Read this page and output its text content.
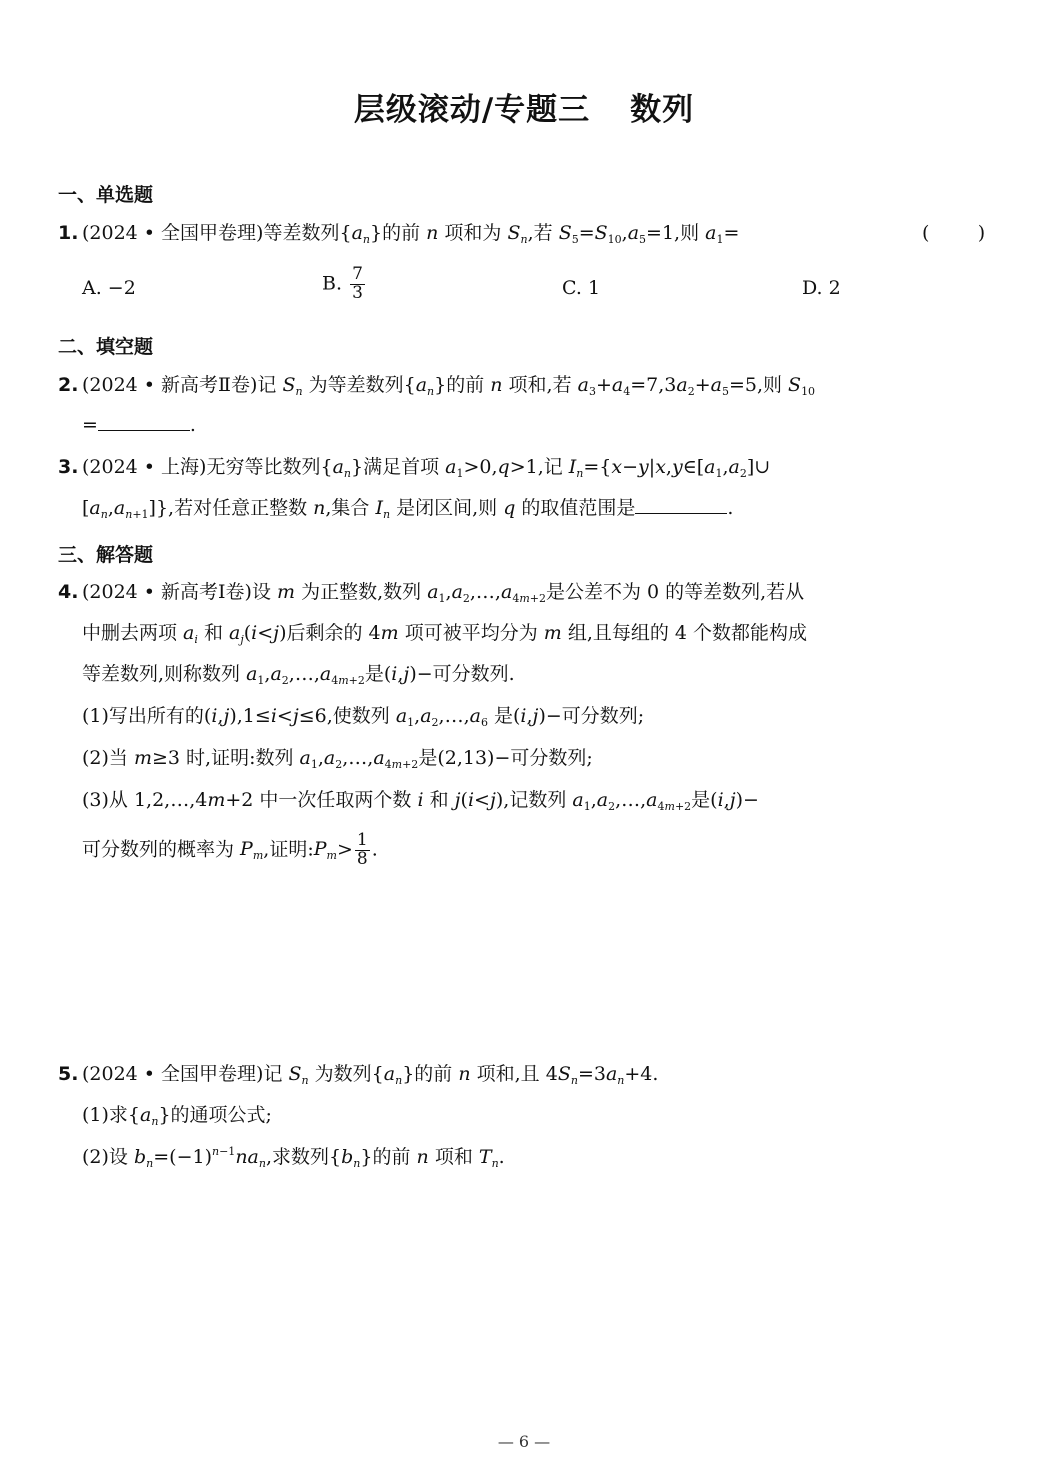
层级滚动/专题三 数列
一、单选题
1. (2024 • 全国甲卷理)等差数列$\{a_n\}$的前 n 项和为 $S_n$,若 $S_5=S_{10},a_5=1$,则 $a_1=$	(        )
A. −2	B. $\frac{7}{3}$	C. 1	D. 2
二、填空题
2. (2024 • 新高考Ⅱ卷)记 $S_n$ 为等差数列$\{a_n\}$的前 n 项和,若 $a_3+a_4=7,3a_2+a_5=5$,则 $S_{10}$
=	.
3. (2024 • 上海)无穷等比数列$\{a_n\}$满足首项 $a_1>0,q>1$,记 $I_n=\{x-y|x,y\in[a_1,a_2]\cup$
$[a_n,a_{n+1}]$},若对任意正整数 n,集合 $I_n$ 是闭区间,则 q 的取值范围是	.
三、解答题
4. (2024 • 新高考Ⅰ卷)设 m 为正整数,数列 $a_1,a_2,\dots,a_{4m+2}$是公差不为 0 的等差数列,若从
中删去两项 $a_i$ 和 $a_j(i<j)$后剩余的 4m 项可被平均分为 m 组,且每组的 4 个数都能构成
等差数列,则称数列 $a_1,a_2,\dots,a_{4m+2}$是(i,j)−可分数列.
(1)写出所有的(i,j),1≤i<j≤6,使数列 $a_1,a_2,\dots,a_6$ 是(i,j)−可分数列;
(2)当 m≥3 时,证明:数列 $a_1,a_2,\dots,a_{4m+2}$是(2,13)−可分数列;
(3)从 1,2,…,4m+2 中一次任取两个数 i 和 j(i<j),记数列 $a_1,a_2,\dots,a_{4m+2}$是(i,j)−
可分数列的概率为 $P_m$,证明$:P_m> \frac{1}{8}$ .
5. (2024 • 全国甲卷理)记 $S_n$ 为数列$\{a_n\}$的前 n 项和,且 $4S_n=3a_n+4$.
(1)求$\{a_n\}$的通项公式;
(2)设 $b_n=(-1)^{n-1}na_n$,求数列$\{b_n\}$的前 n 项和 $T_n$.
— 6 —
